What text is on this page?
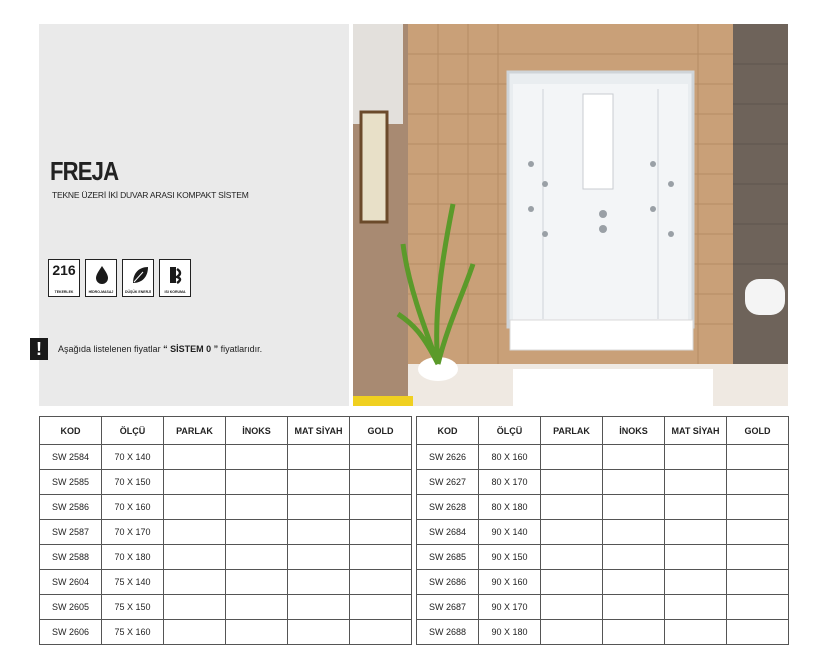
FREJA
TEKNE ÜZERİ İKİ DUVAR ARASI KOMPAKT SİSTEM
216
TEKERLEK	HİDRO-MASAJ	DÜŞÜK ENERJİ	ISI KORUMA
!	Aşağıda listelenen fiyatlar “ SİSTEM 0 ” fiyatlarıdır.
KOD	ÖLÇÜ	PARLAK	İNOKS	MAT SİYAH	GOLD
SW 2584	70 X 140				
SW 2585	70 X 150				
SW 2586	70 X 160				
SW 2587	70 X 170				
SW 2588	70 X 180				
SW 2604	75 X 140				
SW 2605	75 X 150				
SW 2606	75 X 160				
KOD	ÖLÇÜ	PARLAK	İNOKS	MAT SİYAH	GOLD
SW 2626	80 X 160				
SW 2627	80 X 170				
SW 2628	80 X 180				
SW 2684	90 X 140				
SW 2685	90 X 150				
SW 2686	90 X 160				
SW 2687	90 X 170				
SW 2688	90 X 180				
